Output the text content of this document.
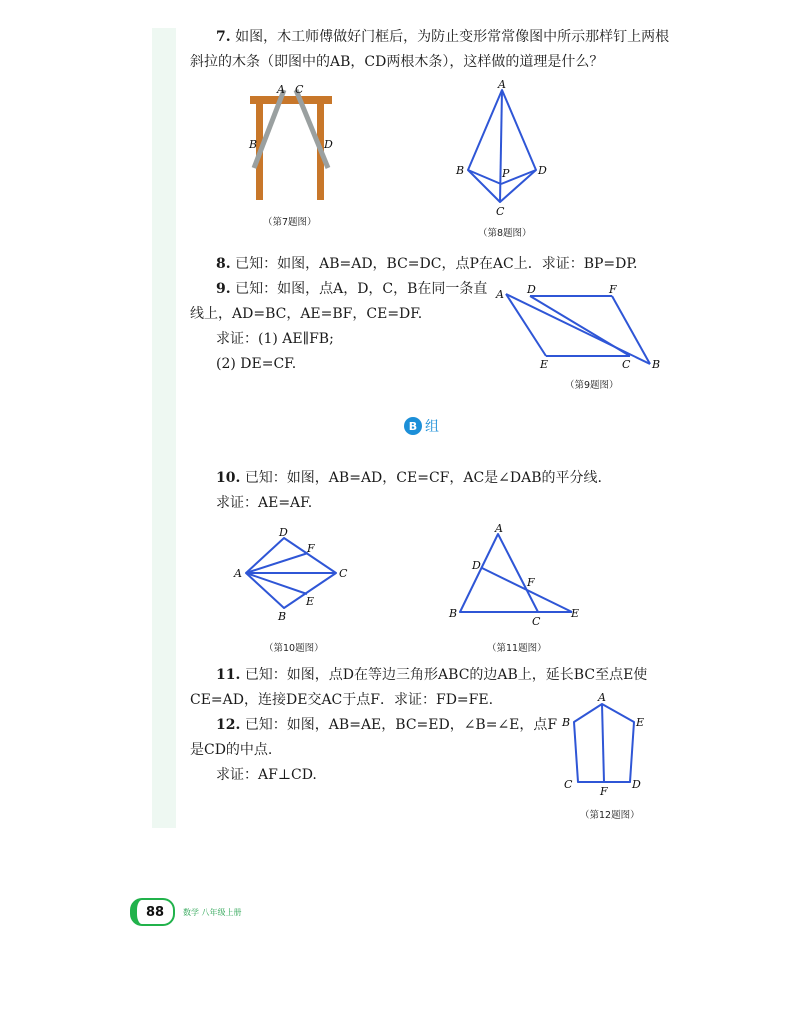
7. 如图，木工师傅做好门框后，为防止变形常常像图中所示那样钉上两根
斜拉的木条（即图中的AB，CD两根木条），这样做的道理是什么？
A C
B	D
（第7题图）
A
B	P	D
C
（第8题图）
8. 已知：如图，AB=AD，BC=DC，点P在AC上．求证：BP=DP.
9. 已知：如图，点A，D，C，B在同一条直
线上，AD=BC，AE=BF，CE=DF.
求证：(1) AE∥FB;
(2) DE=CF.
A D	F
E	C B
（第9题图）
B 组
10. 已知：如图，AB=AD，CE=CF，AC是∠DAB的平分线.
求证：AE=AF.
D
F
A	C
E
B
（第10题图）
A
D
F
B
C
E
（第11题图）
11. 已知：如图，点D在等边三角形ABC的边AB上，延长BC至点E使
CE=AD，连接DE交AC于点F．求证：FD=FE.
12. 已知：如图，AB=AE，BC=ED，∠B=∠E，点F
是CD的中点.
求证：AF⊥CD.
A
B	E
C
F
D
（第12题图）
88	数学 八年级上册
